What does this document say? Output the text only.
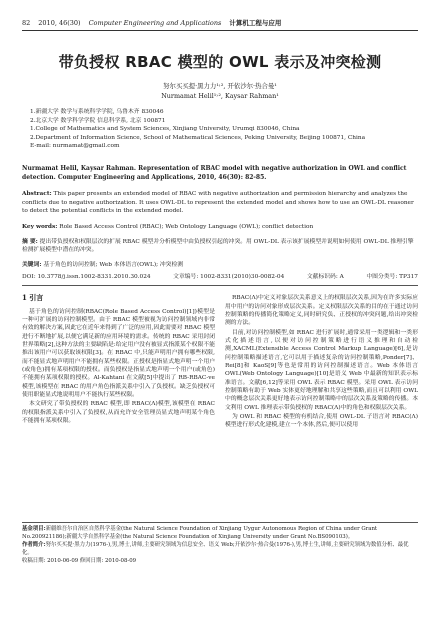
82 2010, 46(30) Computer Engineering and Applications 计算机工程与应用
带负授权 RBAC 模型的 OWL 表示及冲突检测
努尔买买提·黑力力¹˒², 开依沙尔·热合曼¹
Nurmamat Helil¹˒², Kaysar Rahman¹
1.新疆大学 数学与系统科学学院, 乌鲁木齐 830046
2.北京大学 数学科学学院 信息科学系, 北京 100871
1.College of Mathematics and System Sciences, Xinjiang University, Urumqi 830046, China
2.Department of Information Science, School of Mathematical Sciences, Peking University, Beijing 100871, China
E-mail: nurmamat@gmail.com
Nurmamat Helil, Kaysar Rahman. Representation of RBAC model with negative authorization in OWL and conflict detection. Computer Engineering and Applications, 2010, 46(30): 82-85.
Abstract: This paper presents an extended model of RBAC with negative authorization and permission hierarchy and analyzes the conflicts due to negative authorization. It uses OWL-DL to represent the extended model and shows how to use an OWL-DL reasoner to detect the potential conflicts in the extended model.
Key words: Role Based Access Control (RBAC); Web Ontology Language (OWL); conflict detection
摘 要: 提出带负授权和权限层次的扩展 RBAC 模型并分析模型中由负授权引起的冲突。用 OWL-DL 表示该扩展模型并说明如何使用 OWL-DL 推理引擎检测扩展模型中潜在的冲突。
关键词: 基于角色的访问控制; Web 本体语言(OWL); 冲突检测
DOI: 10.3778/j.issn.1002-8331.2010.30.024	文章编号: 1002-8331(2010)30-0082-04	文献标识码: A	中图分类号: TP317
1 引言

基于角色的访问控制(RBAC(Role Based Access Control)[1])模型是一种可扩展的访问控制模型。由于 RBAC 模型被视为访问控制领域内非常有效的解决方案,因此它在近年来得到了广泛的应用,因此需要对 RBAC 模型进行不断地扩展,以便它满足新的应用环境的需求。传统的 RBAC 采用封闭世界策略[2],这种方法的主要缺陷是:给定用户没有被显式指派某个权限不能推出该用户可以获取该权限[3]。在 RBAC 中,只能声明用户拥有哪些权限,而不能显式地声明用户不能拥有某些权限。正授权是指显式地声明一个用户(或角色)拥有某项权限的授权。而负授权是指显式地声明一个用户(或角色)不能拥有某项权限的授权。Al-Kahtani 在文献[5]中提出了 RB-RBAC-ve 模型,该模型在 RBAC 的用户角色指派关系中引入了负授权。缺乏负授权可使用职能显式地说明用户不能执行某些权限。

本文研究了带负授权的 RBAC 模型,即 RBAC(Λ)模型,该模型在 RBAC 的权限指派关系中引入了负授权,从而允许安全管理员显式地声明某个角色不能拥有某项权限。

RBAC(Λ)中定义对象层次关系意义上的权限层次关系,因为在许多实际应用中用户的访问对象形成层次关系。定义权限层次关系的目的在于通过访问控制策略的传播简化策略定义,同时研究负、正授权的冲突问题,给出冲突检测的方法。

目前,对访问控制模型,如 RBAC 进行扩展时,通常采用一类逻辑和一类形式化描述语言,以便对访问控制策略进行语义推理和自动检测,XACML(Extensible Access Control Markup Language)[6],是访问控制策略描述语言,它可以用于描述复杂的访问控制策略,Ponder[7]、Rei[8]和 KaoS[9]等也是常用的访问控制描述语言。Web 本体语言 OWL(Web Ontology Language)[10]是语义 Web 中最新的知识表示标准语言。文献[6,12]等采用 OWL 表示 RBAC 模型。采用 OWL 表示访问控制策略有助于 Web 实体更好地理解和共享这些策略,而且可以利用 OWL 中的概念层次关系更好地表示访问控制策略中的层次关系及策略的传播。本文利用 OWL 推理表示带负授权的 RBAC(Λ)中的角色和权限层次关系。

为 OWL 和 RBAC 模型的有机结合,使用 OWL-DL 子语言对 RBAC(Λ)模型进行形式化建模,建立一个本体,然后,便可以使用

基金项目:新疆维吾尔自治区自然科学基金(the Natural Science Foundation of Xinjiang Uygur Autonomous Region of China under Grant No.200921186);新疆大学自然科学基金(the Natural Science Foundation of Xinjiang University under Grant No.BS090103)。
作者简介:努尔买买提·黑力力(1976-),男,博士,讲师,主要研究领域为信息安全、语义 Web;开依沙尔·热合曼(1976-),男,博士生,讲师,主要研究领域为数值分析、最优化。
收稿日期: 2010-06-09 修回日期: 2010-08-09
